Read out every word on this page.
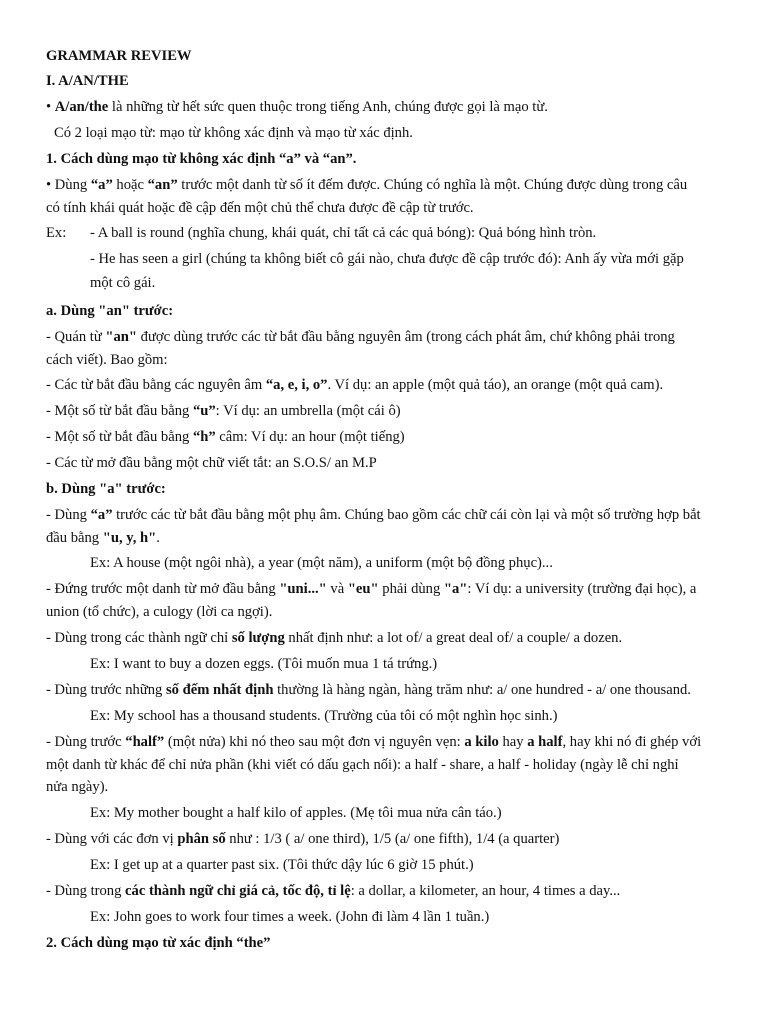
GRAMMAR REVIEW
I. A/AN/THE
• A/an/the là những từ hết sức quen thuộc trong tiếng Anh, chúng được gọi là mạo từ.
Có 2 loại mạo từ: mạo từ không xác định và mạo từ xác định.
1. Cách dùng mạo từ không xác định “a” và “an”.
• Dùng “a” hoặc “an” trước một danh từ số ít đếm được. Chúng có nghĩa là một. Chúng được dùng trong câu
có tính khái quát hoặc đề cập đến một chủ thể chưa được đề cập từ trước.
Ex: - A ball is round (nghĩa chung, khái quát, chỉ tất cả các quả bóng): Quả bóng hình tròn.
- He has seen a girl (chúng ta không biết cô gái nào, chưa được đề cập trước đó): Anh ấy vừa mới gặp
một cô gái.
a. Dùng "an" trước:
- Quán từ "an" được dùng trước các từ bắt đầu bằng nguyên âm (trong cách phát âm, chứ không phải trong
cách viết). Bao gồm:
- Các từ bắt đầu bằng các nguyên âm “a, e, i, o”. Ví dụ: an apple (một quả táo), an orange (một quả cam).
- Một số từ bắt đầu bằng “u”: Ví dụ: an umbrella (một cái ô)
- Một số từ bắt đầu bằng “h” câm: Ví dụ: an hour (một tiếng)
- Các từ mở đầu bằng một chữ viết tắt: an S.O.S/ an M.P
b. Dùng "a" trước:
- Dùng “a” trước các từ bắt đầu bằng một phụ âm. Chúng bao gồm các chữ cái còn lại và một số trường hợp bắt
đầu bằng "u, y, h".
Ex: A house (một ngôi nhà), a year (một năm), a uniform (một bộ đồng phục)...
- Đứng trước một danh từ mở đầu bằng "uni..." và "eu" phải dùng "a": Ví dụ: a university (trường đại học), a
union (tổ chức), a culogy (lời ca ngợi).
- Dùng trong các thành ngữ chỉ số lượng nhất định như: a lot of/ a great deal of/ a couple/ a dozen.
Ex: I want to buy a dozen eggs. (Tôi muốn mua 1 tá trứng.)
- Dùng trước những số đếm nhất định thường là hàng ngàn, hàng trăm như: a/ one hundred - a/ one thousand.
Ex: My school has a thousand students. (Trường của tôi có một nghìn học sinh.)
- Dùng trước “half” (một nửa) khi nó theo sau một đơn vị nguyên vẹn: a kilo hay a half, hay khi nó đi ghép với
một danh từ khác để chỉ nửa phần (khi viết có dấu gạch nối): a half - share, a half - holiday (ngày lễ chỉ nghỉ
nửa ngày).
Ex: My mother bought a half kilo of apples. (Mẹ tôi mua nửa cân táo.)
- Dùng với các đơn vị phân số như : 1/3 ( a/ one third), 1/5 (a/ one fifth), 1/4 (a quarter)
Ex: I get up at a quarter past six. (Tôi thức dậy lúc 6 giờ 15 phút.)
- Dùng trong các thành ngữ chỉ giá cả, tốc độ, tỉ lệ: a dollar, a kilometer, an hour, 4 times a day...
Ex: John goes to work four times a week. (John đi làm 4 lần 1 tuần.)
2. Cách dùng mạo từ xác định “the”
